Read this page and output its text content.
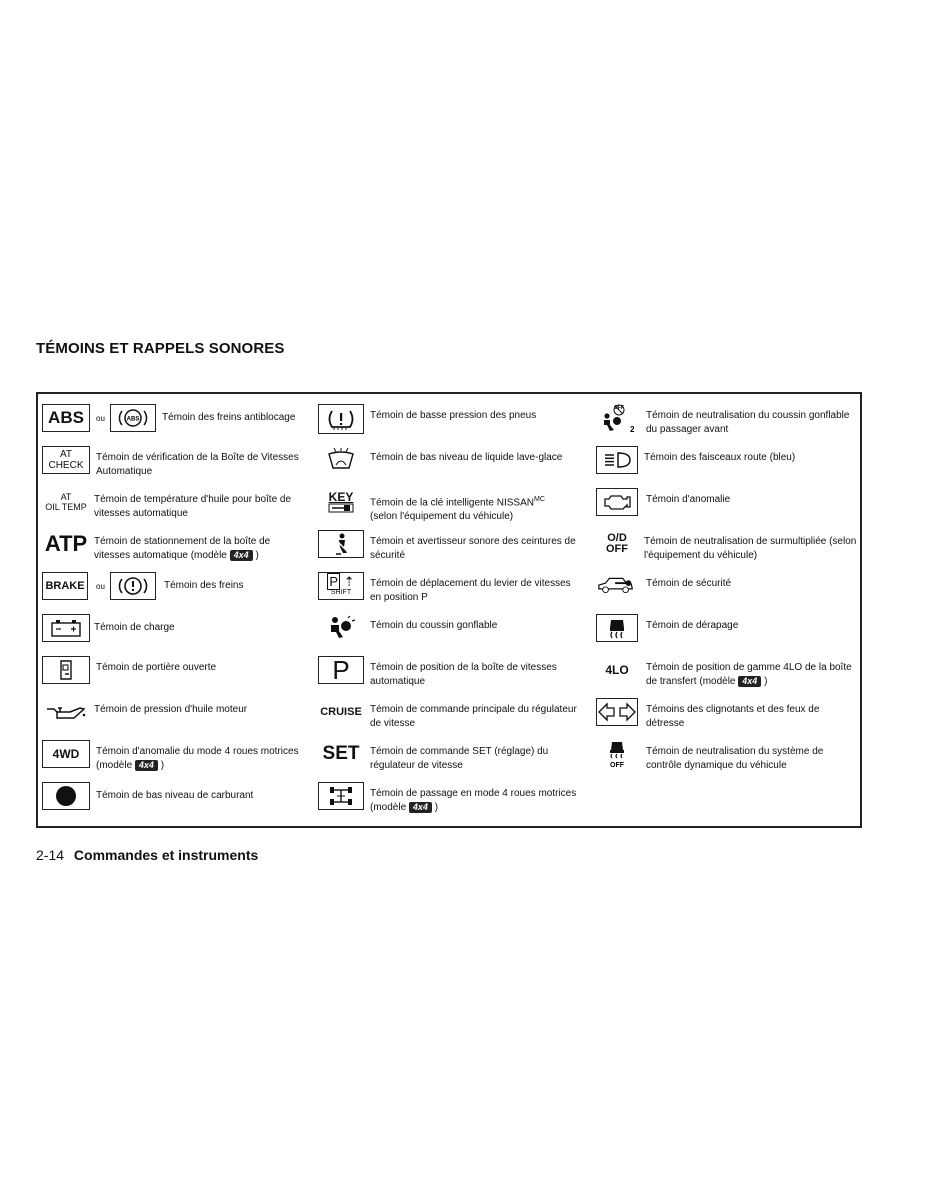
TÉMOINS ET RAPPELS SONORES
ABS ou	ABS Témoin des freins antiblocage
AT
CHECK
Témoin de vérification de la Boîte de Vitesses Automatique
AT
OIL TEMP
Témoin de température d'huile pour boîte de vitesses automatique
ATP Témoin de stationnement de la boîte de vitesses automatique (modèle 4x4 )
BRAKE ou	Témoin des freins
Témoin de charge
Témoin de portière ouverte
Témoin de pression d'huile moteur
4WD Témoin d'anomalie du mode 4 roues motrices
(modèle 4x4 )
Témoin de bas niveau de carburant
Témoin de basse pression des pneus
Témoin de bas niveau de liquide lave-glace
KEY Témoin de la clé intelligente $NISSAN^{MC}$
(selon l'équipement du véhicule)
Témoin et avertisseur sonore des ceintures de sécurité
P ⇡
SHIFT
Témoin de déplacement du levier de vitesses en position P
Témoin du coussin gonflable
P Témoin de position de la boîte de vitesses automatique
CRUISE Témoin de commande principale du régulateur de vitesse
SET Témoin de commande SET (réglage) du régulateur de vitesse
Témoin de passage en mode 4 roues motrices
(modèle 4x4 )
OFF
2
Témoin de neutralisation du coussin gonflable du passager avant
Témoin des faisceaux route (bleu)
Témoin d'anomalie
O/D
OFF
Témoin de neutralisation de surmultipliée (selon l'équipement du véhicule)
Témoin de sécurité
Témoin de dérapage
4LO Témoin de position de gamme 4LO de la boîte
de transfert (modèle 4x4 )
Témoins des clignotants et des feux de détresse
OFF
Témoin de neutralisation du système de contrôle dynamique du véhicule
2-14 Commandes et instruments
